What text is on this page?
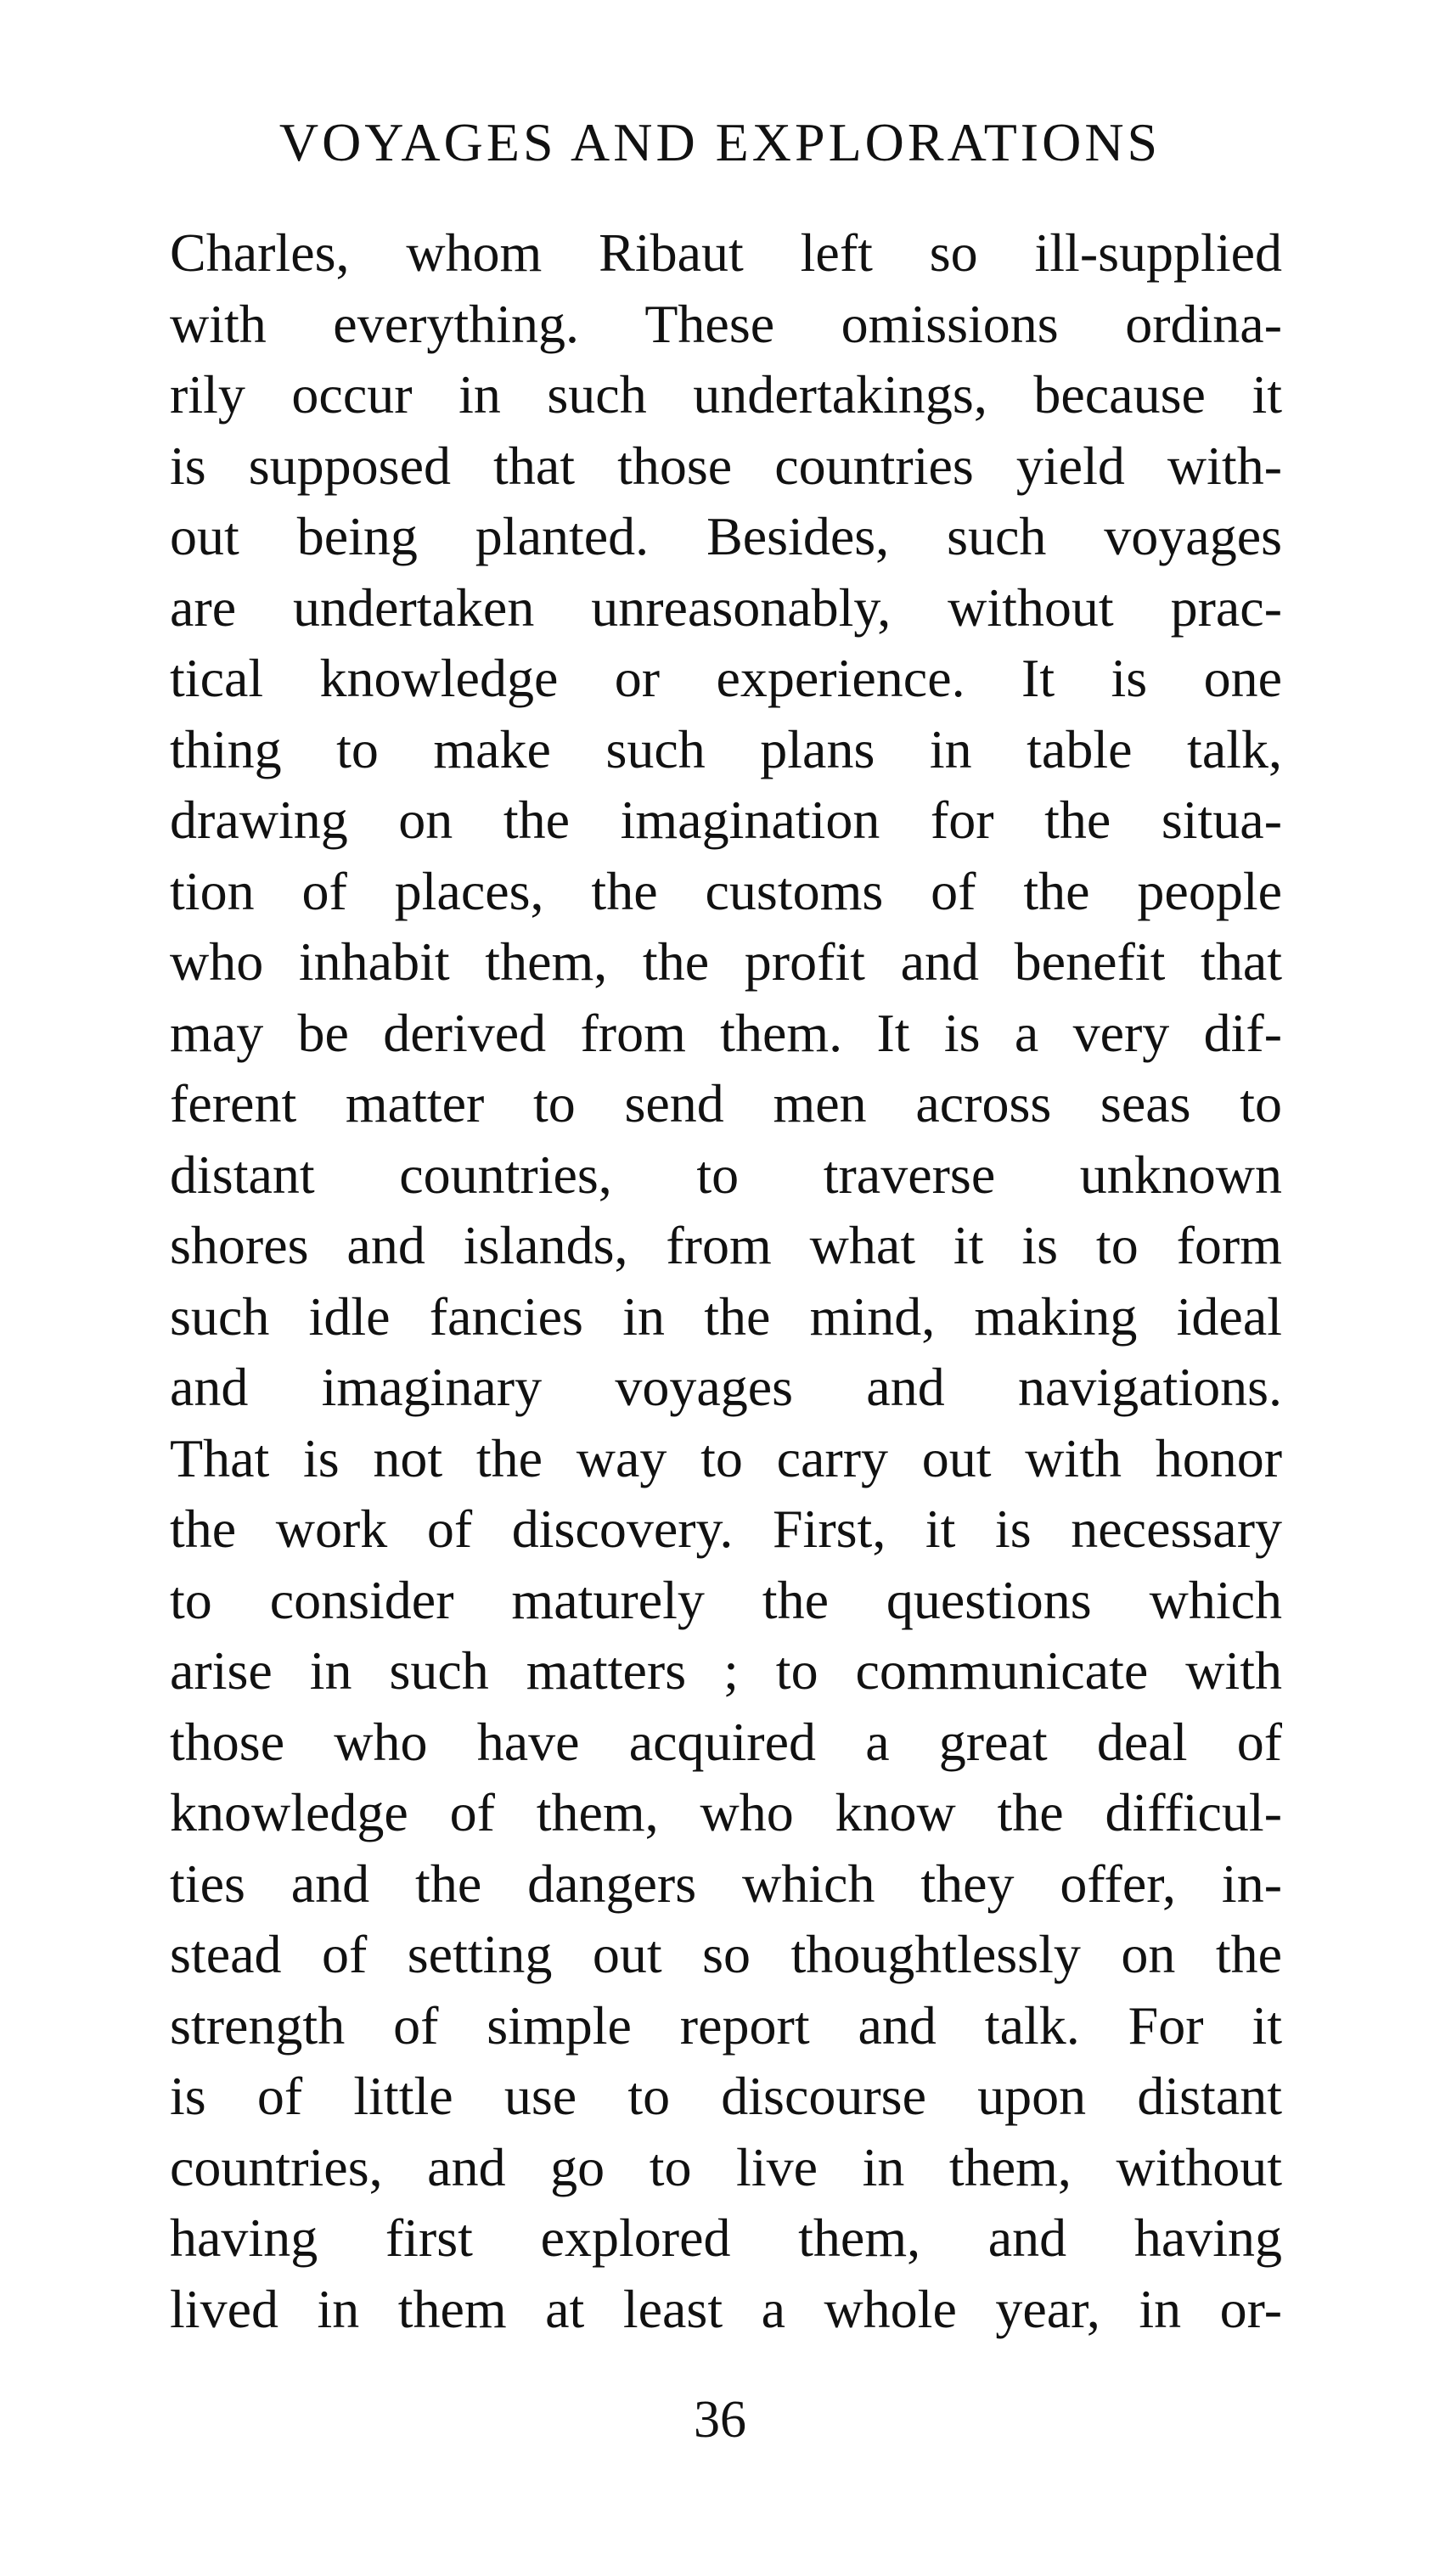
VOYAGES AND EXPLORATIONS
Charles, whom Ribaut left so ill-supplied
with everything. These omissions ordina-
rily occur in such undertakings, because it
is supposed that those countries yield with-
out being planted. Besides, such voyages
are undertaken unreasonably, without prac-
tical knowledge or experience. It is one
thing to make such plans in table talk,
drawing on the imagination for the situa-
tion of places, the customs of the people
who inhabit them, the profit and benefit that
may be derived from them. It is a very dif-
ferent matter to send men across seas to
distant countries, to traverse unknown
shores and islands, from what it is to form
such idle fancies in the mind, making ideal
and imaginary voyages and navigations.
That is not the way to carry out with honor
the work of discovery. First, it is necessary
to consider maturely the questions which
arise in such matters ; to communicate with
those who have acquired a great deal of
knowledge of them, who know the difficul-
ties and the dangers which they offer, in-
stead of setting out so thoughtlessly on the
strength of simple report and talk. For it
is of little use to discourse upon distant
countries, and go to live in them, without
having first explored them, and having
lived in them at least a whole year, in or-
36
